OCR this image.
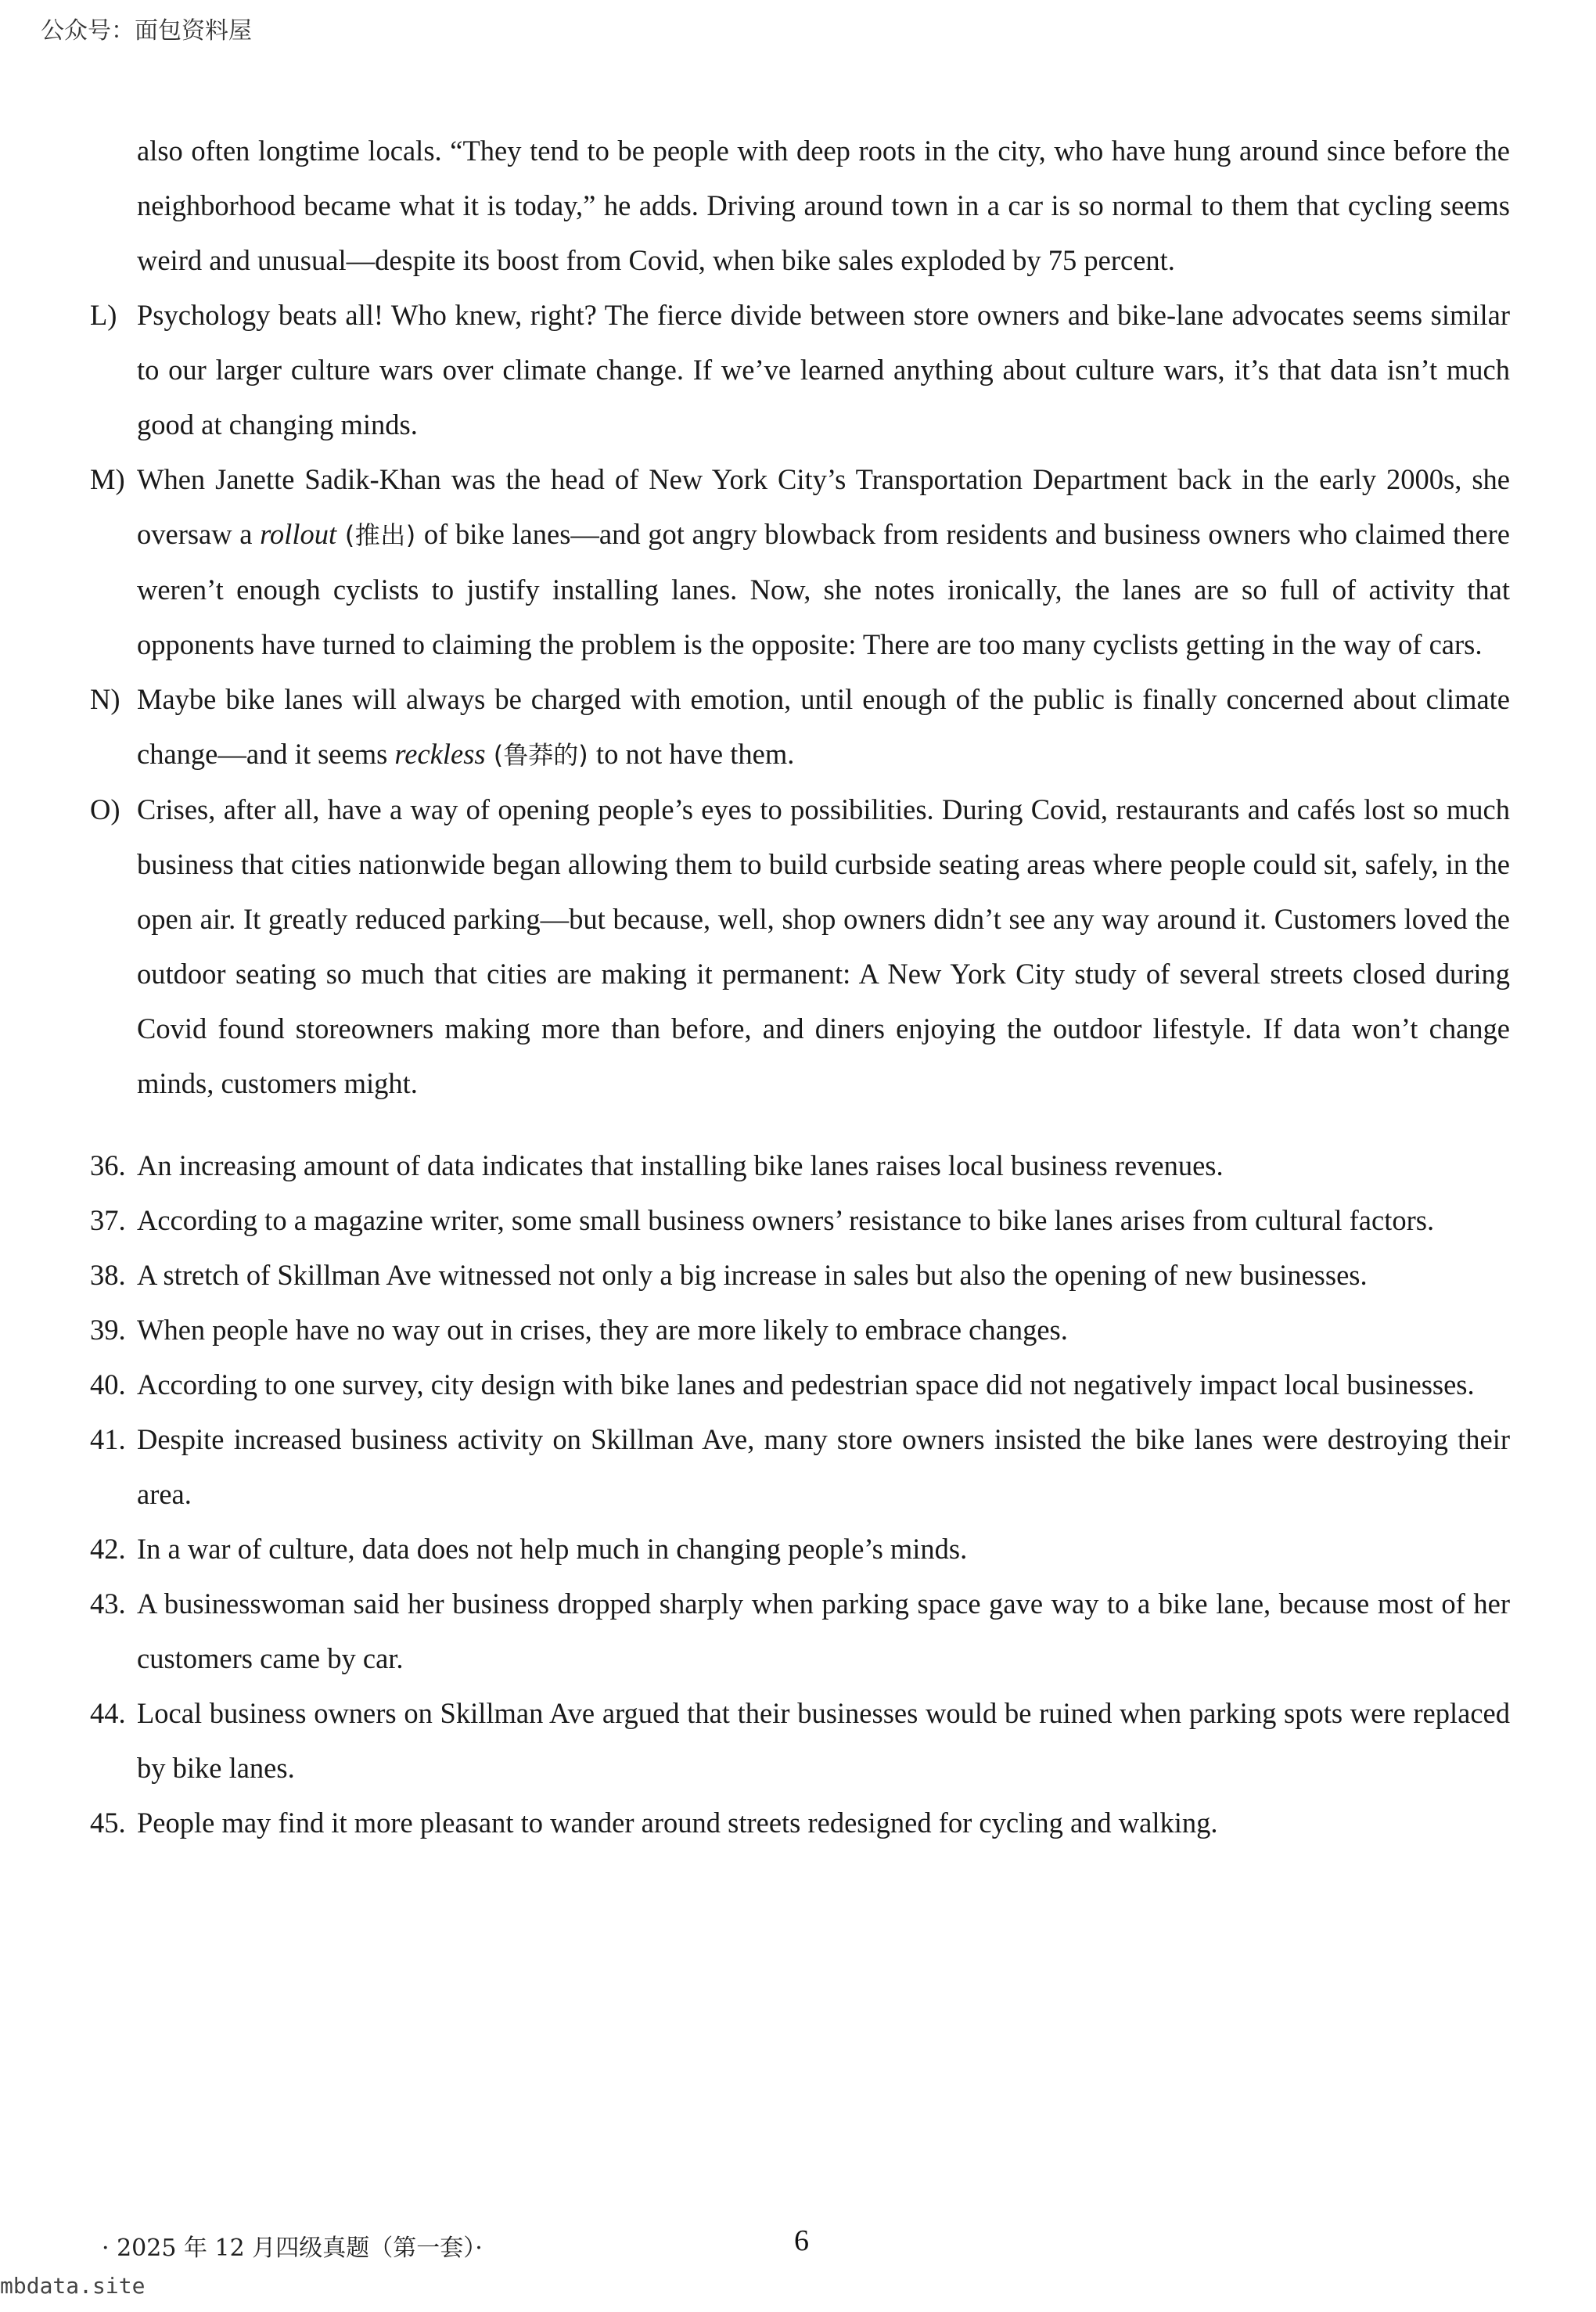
公众号：面包资料屋
also often longtime locals. “They tend to be people with deep roots in the city, who have hung around since before the neighborhood became what it is today,” he adds. Driving around town in a car is so normal to them that cycling seems weird and unusual—despite its boost from Covid, when bike sales exploded by 75 percent.
L) Psychology beats all! Who knew, right? The fierce divide between store owners and bike-lane advocates seems similar to our larger culture wars over climate change. If we’ve learned anything about culture wars, it’s that data isn’t much good at changing minds.
M) When Janette Sadik-Khan was the head of New York City’s Transportation Department back in the early 2000s, she oversaw a rollout (推出) of bike lanes—and got angry blowback from residents and business owners who claimed there weren’t enough cyclists to justify installing lanes. Now, she notes ironically, the lanes are so full of activity that opponents have turned to claiming the problem is the opposite: There are too many cyclists getting in the way of cars.
N) Maybe bike lanes will always be charged with emotion, until enough of the public is finally concerned about climate change—and it seems reckless (鲁莽的) to not have them.
O) Crises, after all, have a way of opening people’s eyes to possibilities. During Covid, restaurants and cafés lost so much business that cities nationwide began allowing them to build curbside seating areas where people could sit, safely, in the open air. It greatly reduced parking—but because, well, shop owners didn’t see any way around it. Customers loved the outdoor seating so much that cities are making it permanent: A New York City study of several streets closed during Covid found storeowners making more than before, and diners enjoying the outdoor lifestyle. If data won’t change minds, customers might.
36. An increasing amount of data indicates that installing bike lanes raises local business revenues.
37. According to a magazine writer, some small business owners’ resistance to bike lanes arises from cultural factors.
38. A stretch of Skillman Ave witnessed not only a big increase in sales but also the opening of new businesses.
39. When people have no way out in crises, they are more likely to embrace changes.
40. According to one survey, city design with bike lanes and pedestrian space did not negatively impact local businesses.
41. Despite increased business activity on Skillman Ave, many store owners insisted the bike lanes were destroying their area.
42. In a war of culture, data does not help much in changing people’s minds.
43. A businesswoman said her business dropped sharply when parking space gave way to a bike lane, because most of her customers came by car.
44. Local business owners on Skillman Ave argued that their businesses would be ruined when parking spots were replaced by bike lanes.
45. People may find it more pleasant to wander around streets redesigned for cycling and walking.
· 2025 年 12 月四级真题（第一套）·	6
mbdata.site
